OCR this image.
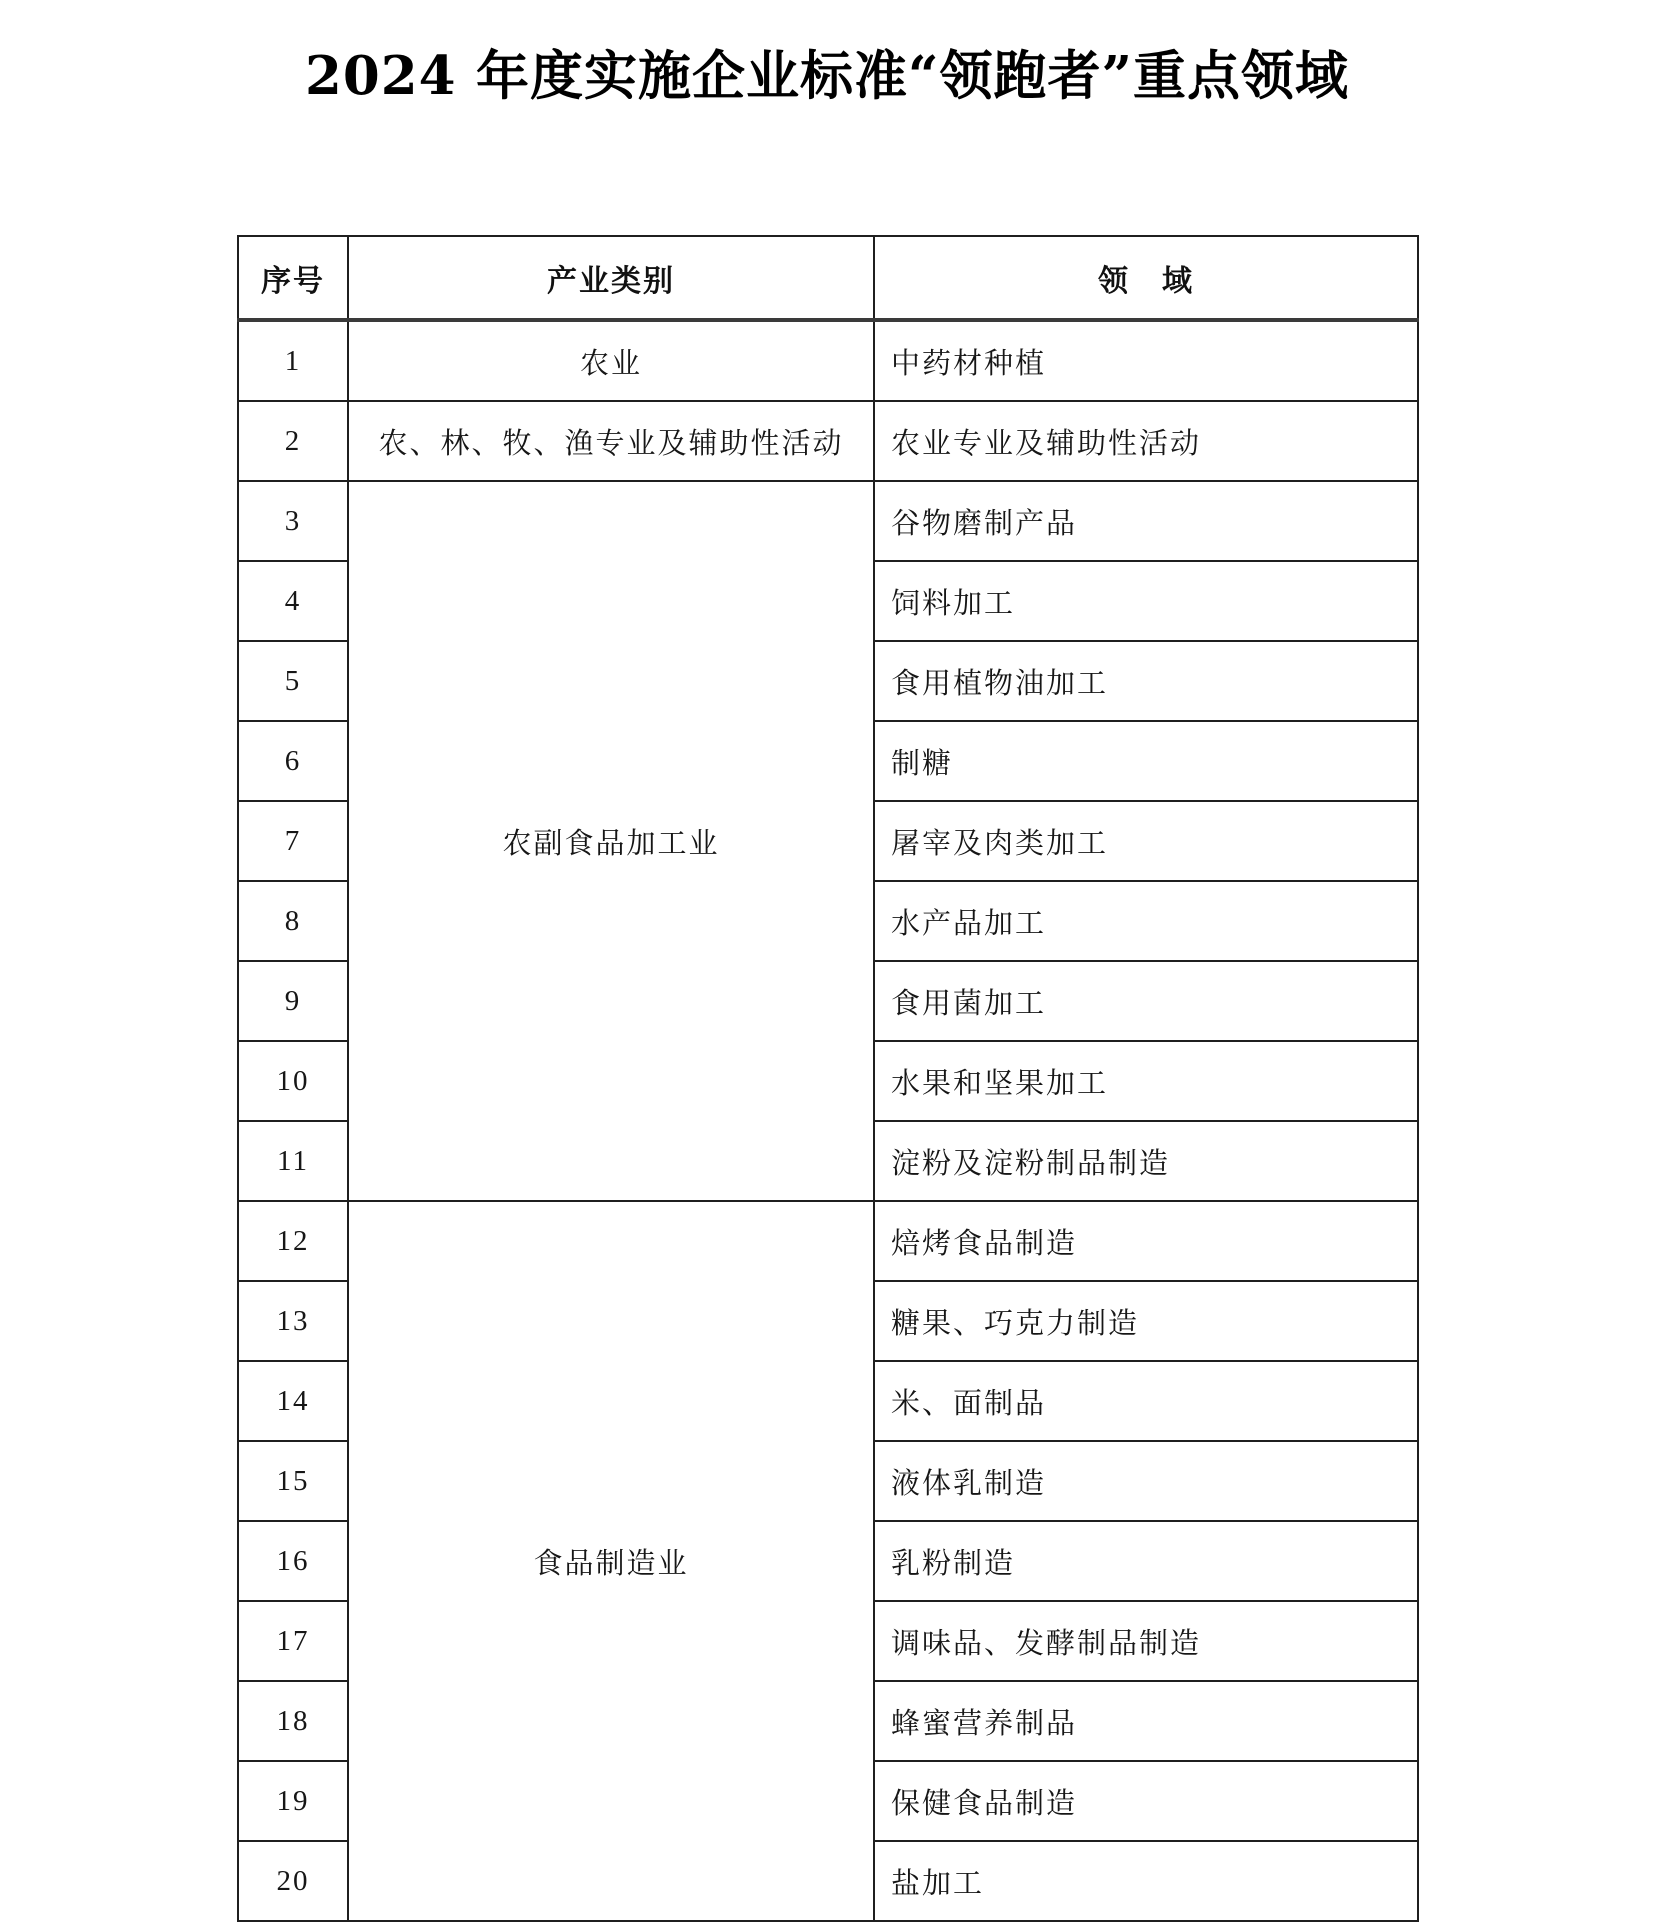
2024 年度实施企业标准“领跑者”重点领域
序号	产业类别	领　域
1	农业	中药材种植
2	农、林、牧、渔专业及辅助性活动	农业专业及辅助性活动
3	农副食品加工业	谷物磨制产品
4		饲料加工
5		食用植物油加工
6		制糖
7		屠宰及肉类加工
8		水产品加工
9		食用菌加工
10		水果和坚果加工
11		淀粉及淀粉制品制造
12	食品制造业	焙烤食品制造
13		糖果、巧克力制造
14		米、面制品
15		液体乳制造
16		乳粉制造
17		调味品、发酵制品制造
18		蜂蜜营养制品
19		保健食品制造
20		盐加工
